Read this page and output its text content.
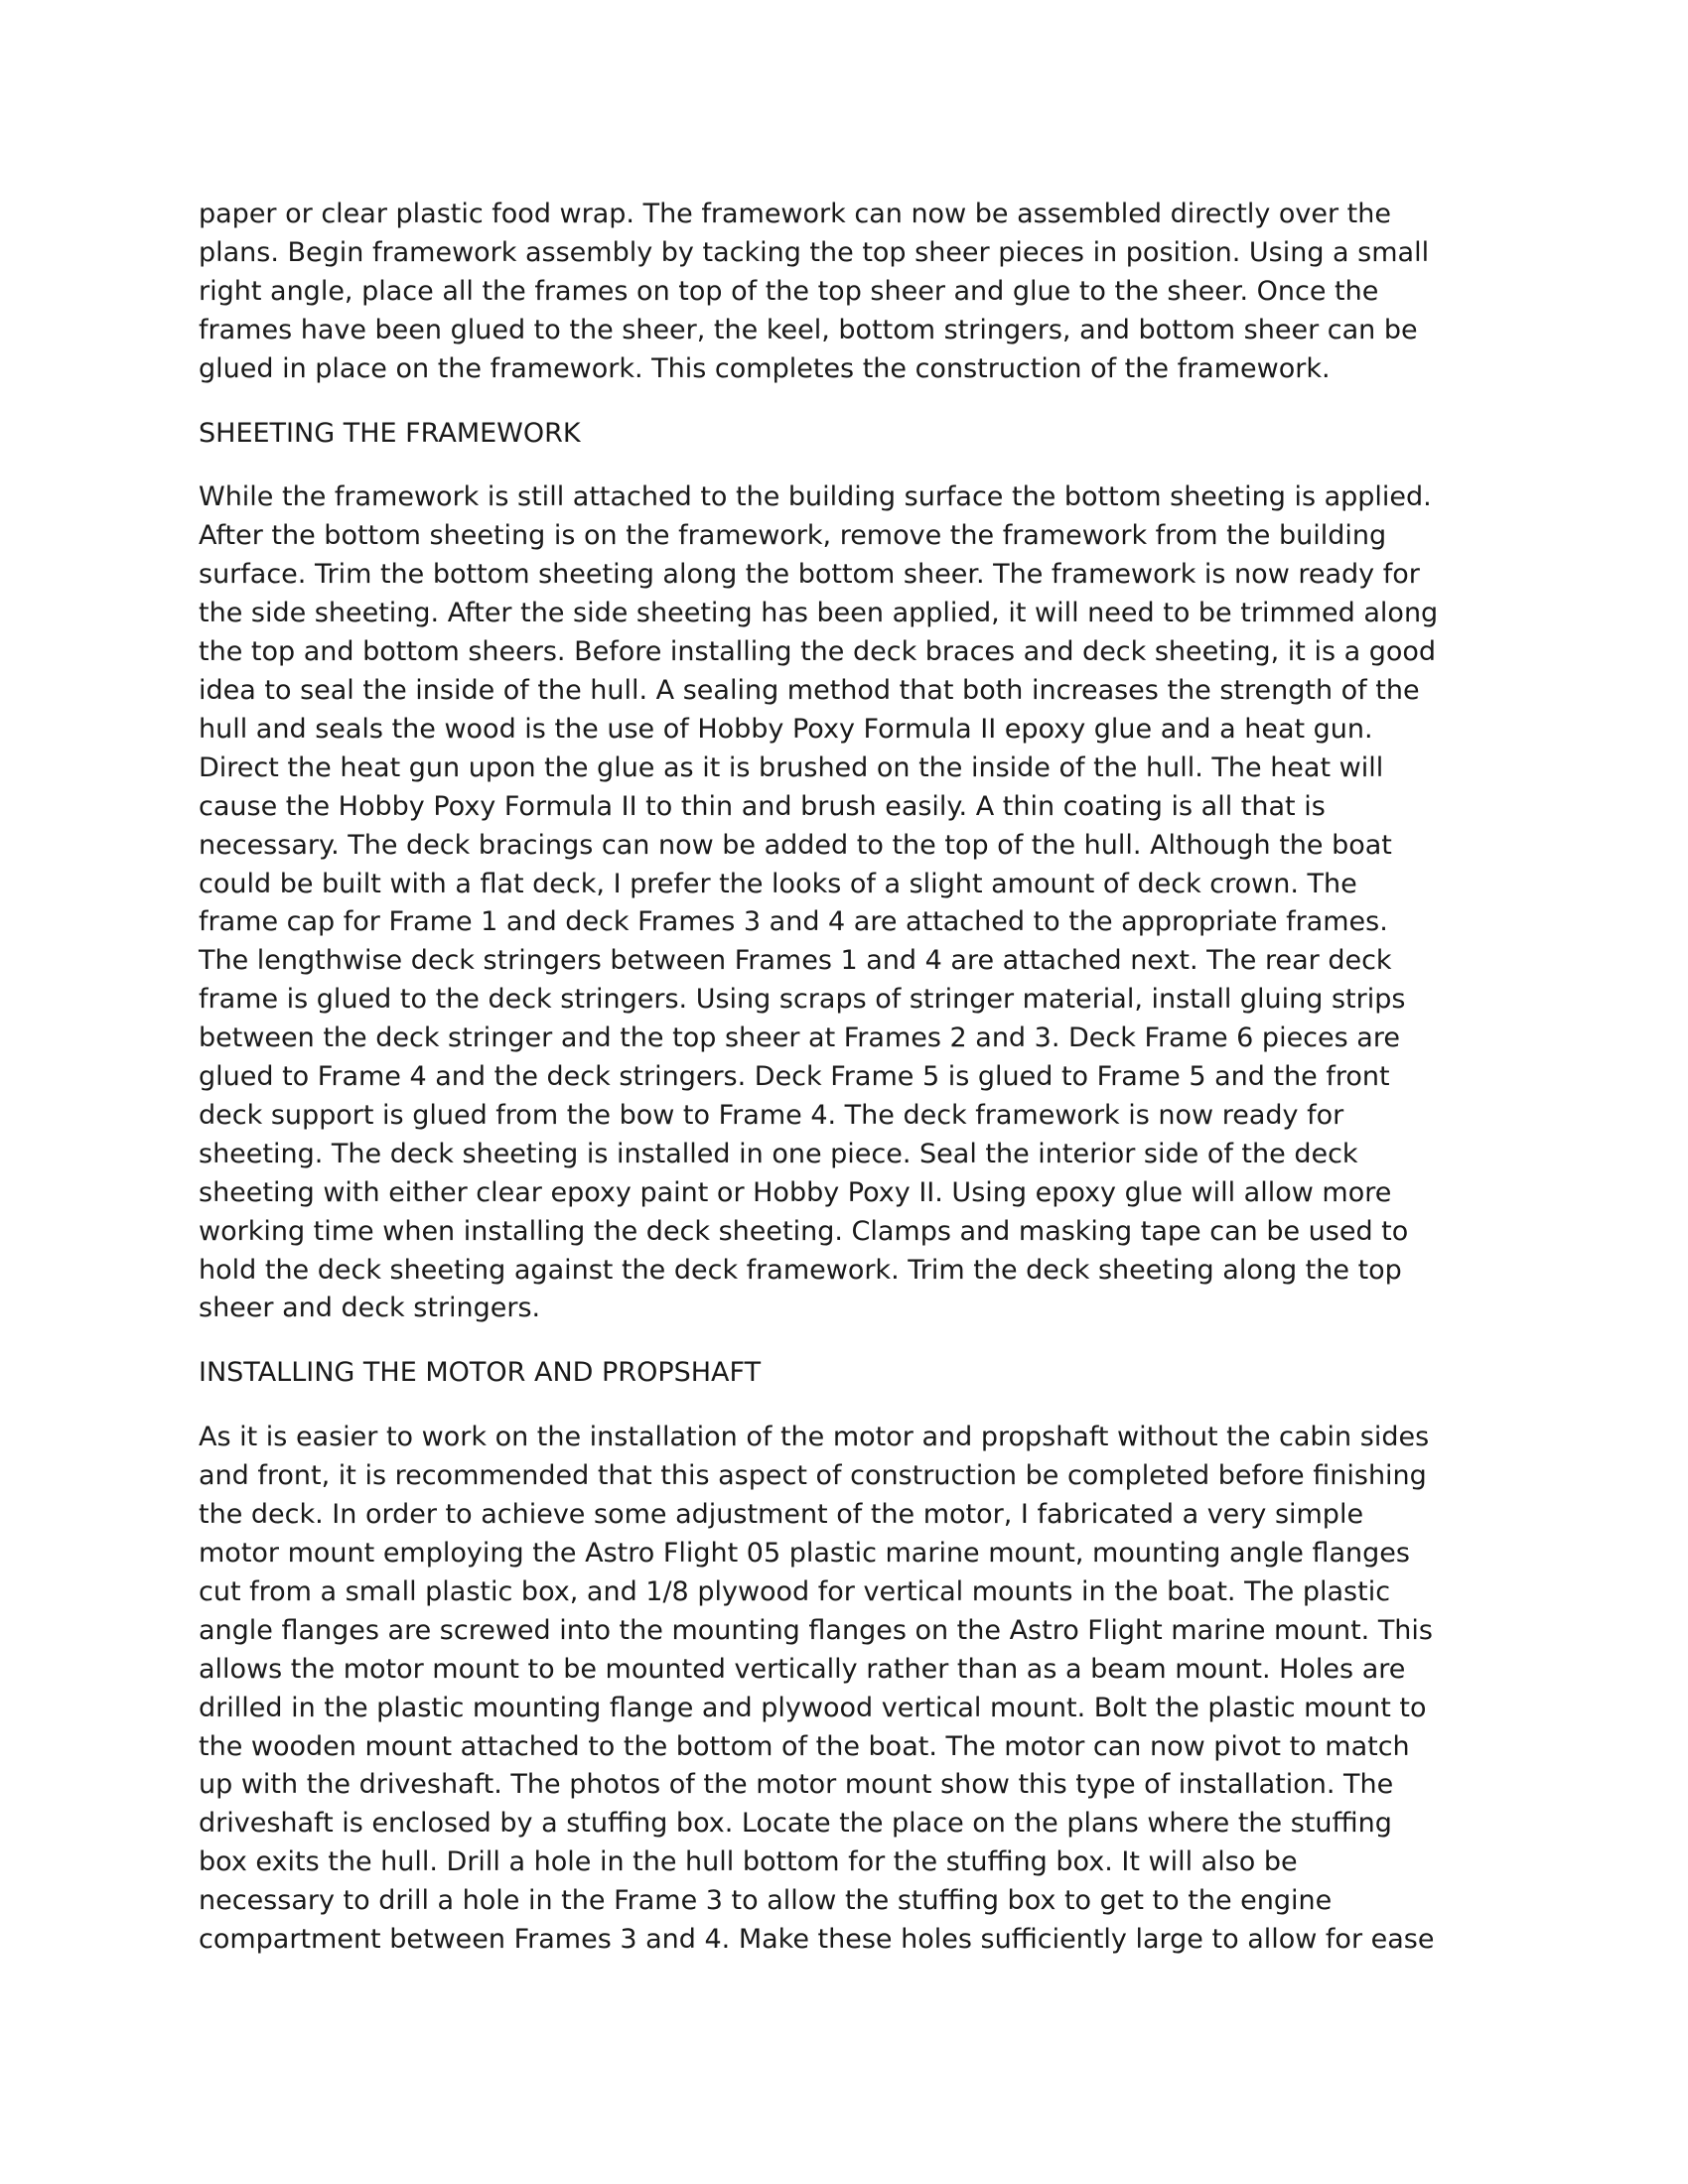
paper or clear plastic food wrap. The framework can now be assembled directly over the
plans. Begin framework assembly by tacking the top sheer pieces in position. Using a small
right angle, place all the frames on top of the top sheer and glue to the sheer. Once the
frames have been glued to the sheer, the keel, bottom stringers, and bottom sheer can be
glued in place on the framework. This completes the construction of the framework.
SHEETING THE FRAMEWORK
While the framework is still attached to the building surface the bottom sheeting is applied.
After the bottom sheeting is on the framework, remove the framework from the building
surface. Trim the bottom sheeting along the bottom sheer. The framework is now ready for
the side sheeting. After the side sheeting has been applied, it will need to be trimmed along
the top and bottom sheers. Before installing the deck braces and deck sheeting, it is a good
idea to seal the inside of the hull. A sealing method that both increases the strength of the
hull and seals the wood is the use of Hobby Poxy Formula II epoxy glue and a heat gun.
Direct the heat gun upon the glue as it is brushed on the inside of the hull. The heat will
cause the Hobby Poxy Formula II to thin and brush easily. A thin coating is all that is
necessary. The deck bracings can now be added to the top of the hull. Although the boat
could be built with a flat deck, I prefer the looks of a slight amount of deck crown. The
frame cap for Frame 1 and deck Frames 3 and 4 are attached to the appropriate frames.
The lengthwise deck stringers between Frames 1 and 4 are attached next. The rear deck
frame is glued to the deck stringers. Using scraps of stringer material, install gluing strips
between the deck stringer and the top sheer at Frames 2 and 3. Deck Frame 6 pieces are
glued to Frame 4 and the deck stringers. Deck Frame 5 is glued to Frame 5 and the front
deck support is glued from the bow to Frame 4. The deck framework is now ready for
sheeting. The deck sheeting is installed in one piece. Seal the interior side of the deck
sheeting with either clear epoxy paint or Hobby Poxy II. Using epoxy glue will allow more
working time when installing the deck sheeting. Clamps and masking tape can be used to
hold the deck sheeting against the deck framework. Trim the deck sheeting along the top
sheer and deck stringers.
INSTALLING THE MOTOR AND PROPSHAFT
As it is easier to work on the installation of the motor and propshaft without the cabin sides
and front, it is recommended that this aspect of construction be completed before finishing
the deck. In order to achieve some adjustment of the motor, I fabricated a very simple
motor mount employing the Astro Flight 05 plastic marine mount, mounting angle flanges
cut from a small plastic box, and 1/8 plywood for vertical mounts in the boat. The plastic
angle flanges are screwed into the mounting flanges on the Astro Flight marine mount. This
allows the motor mount to be mounted vertically rather than as a beam mount. Holes are
drilled in the plastic mounting flange and plywood vertical mount. Bolt the plastic mount to
the wooden mount attached to the bottom of the boat. The motor can now pivot to match
up with the driveshaft. The photos of the motor mount show this type of installation. The
driveshaft is enclosed by a stuffing box. Locate the place on the plans where the stuffing
box exits the hull. Drill a hole in the hull bottom for the stuffing box. It will also be
necessary to drill a hole in the Frame 3 to allow the stuffing box to get to the engine
compartment between Frames 3 and 4. Make these holes sufficiently large to allow for ease
